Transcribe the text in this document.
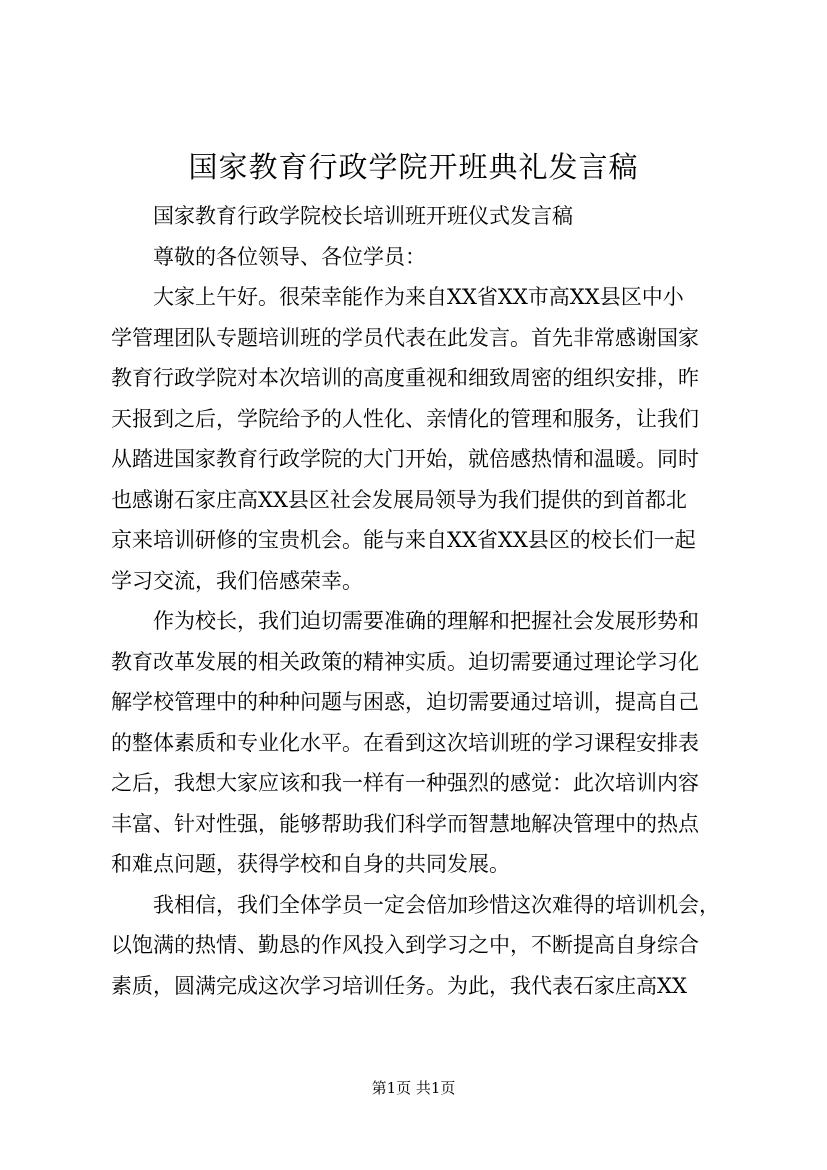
国家教育行政学院开班典礼发言稿

国家教育行政学院校长培训班开班仪式发言稿

尊敬的各位领导、各位学员：

大家上午好。很荣幸能作为来自XX省XX市高XX县区中小
学管理团队专题培训班的学员代表在此发言。首先非常感谢国家
教育行政学院对本次培训的高度重视和细致周密的组织安排，昨
天报到之后，学院给予的人性化、亲情化的管理和服务，让我们
从踏进国家教育行政学院的大门开始，就倍感热情和温暖。同时
也感谢石家庄高XX县区社会发展局领导为我们提供的到首都北
京来培训研修的宝贵机会。能与来自XX省XX县区的校长们一起
学习交流，我们倍感荣幸。

作为校长，我们迫切需要准确的理解和把握社会发展形势和
教育改革发展的相关政策的精神实质。迫切需要通过理论学习化
解学校管理中的种种问题与困惑，迫切需要通过培训，提高自己
的整体素质和专业化水平。在看到这次培训班的学习课程安排表
之后，我想大家应该和我一样有一种强烈的感觉：此次培训内容
丰富、针对性强，能够帮助我们科学而智慧地解决管理中的热点
和难点问题，获得学校和自身的共同发展。

我相信，我们全体学员一定会倍加珍惜这次难得的培训机会，
以饱满的热情、勤恳的作风投入到学习之中，不断提高自身综合
素质，圆满完成这次学习培训任务。为此，我代表石家庄高XX

第1页 共1页
